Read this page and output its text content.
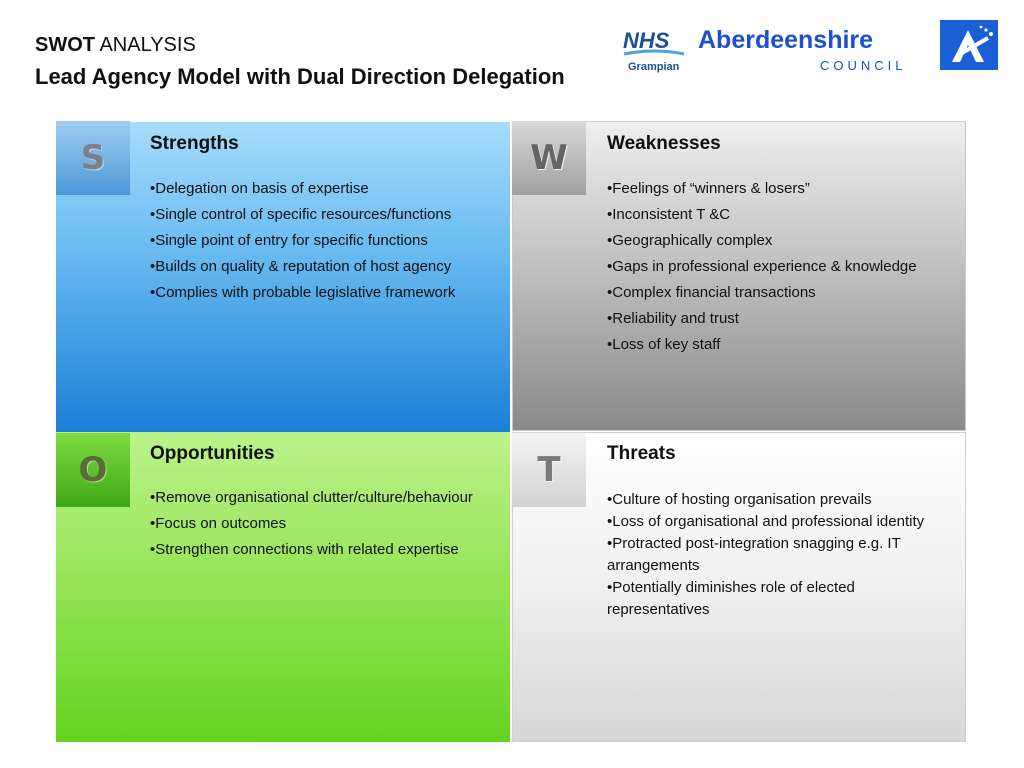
SWOT ANALYSIS
Lead Agency Model with Dual Direction Delegation
NHS
Grampian
Aberdeenshire
COUNCIL
S	W
O	T
Strengths
•Delegation on basis of expertise
•Single control of specific resources/functions
•Single point of entry for specific functions
•Builds on quality & reputation of host agency
•Complies with probable legislative framework
Weaknesses
•Feelings of “winners & losers”
•Inconsistent T &C
•Geographically complex
•Gaps in professional experience & knowledge
•Complex financial transactions
•Reliability and trust
•Loss of key staff
Opportunities
•Remove organisational clutter/culture/behaviour
•Focus on outcomes
•Strengthen connections with related expertise
Threats
•Culture of hosting organisation prevails
•Loss of organisational and professional identity
•Protracted post-integration snagging e.g. IT arrangements
•Potentially diminishes role of elected representatives
